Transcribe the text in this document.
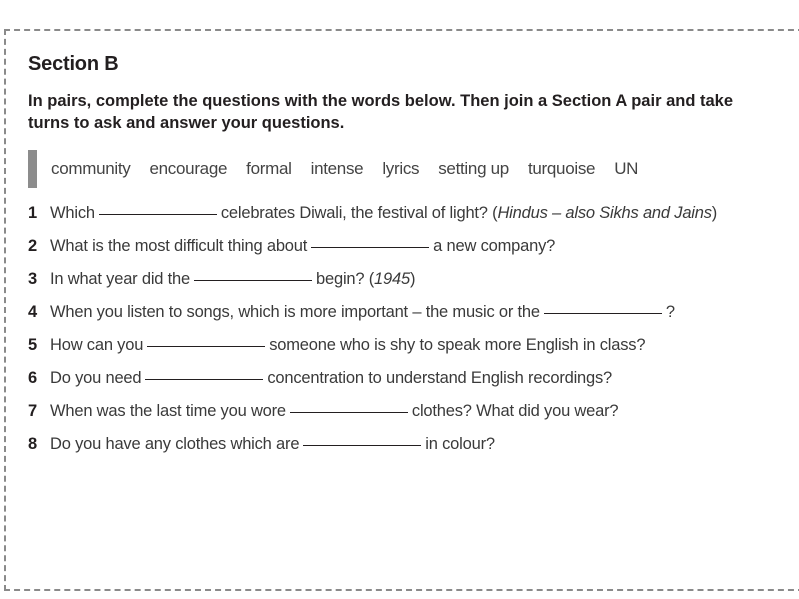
Section B
In pairs, complete the questions with the words below. Then join a Section A pair and take turns to ask and answer your questions.
community encourage formal intense lyrics setting up turquoise UN
1 Which	celebrates Diwali, the festival of light? ( Hindus – also Sikhs and Jains )
2 What is the most difficult thing about	a new company?
3 In what year did the	begin? ( 1945 )
4 When you listen to songs, which is more important – the music or the	?
5 How can you	someone who is shy to speak more English in class?
6 Do you need	concentration to understand English recordings?
7 When was the last time you wore	clothes? What did you wear?
8 Do you have any clothes which are	in colour?
